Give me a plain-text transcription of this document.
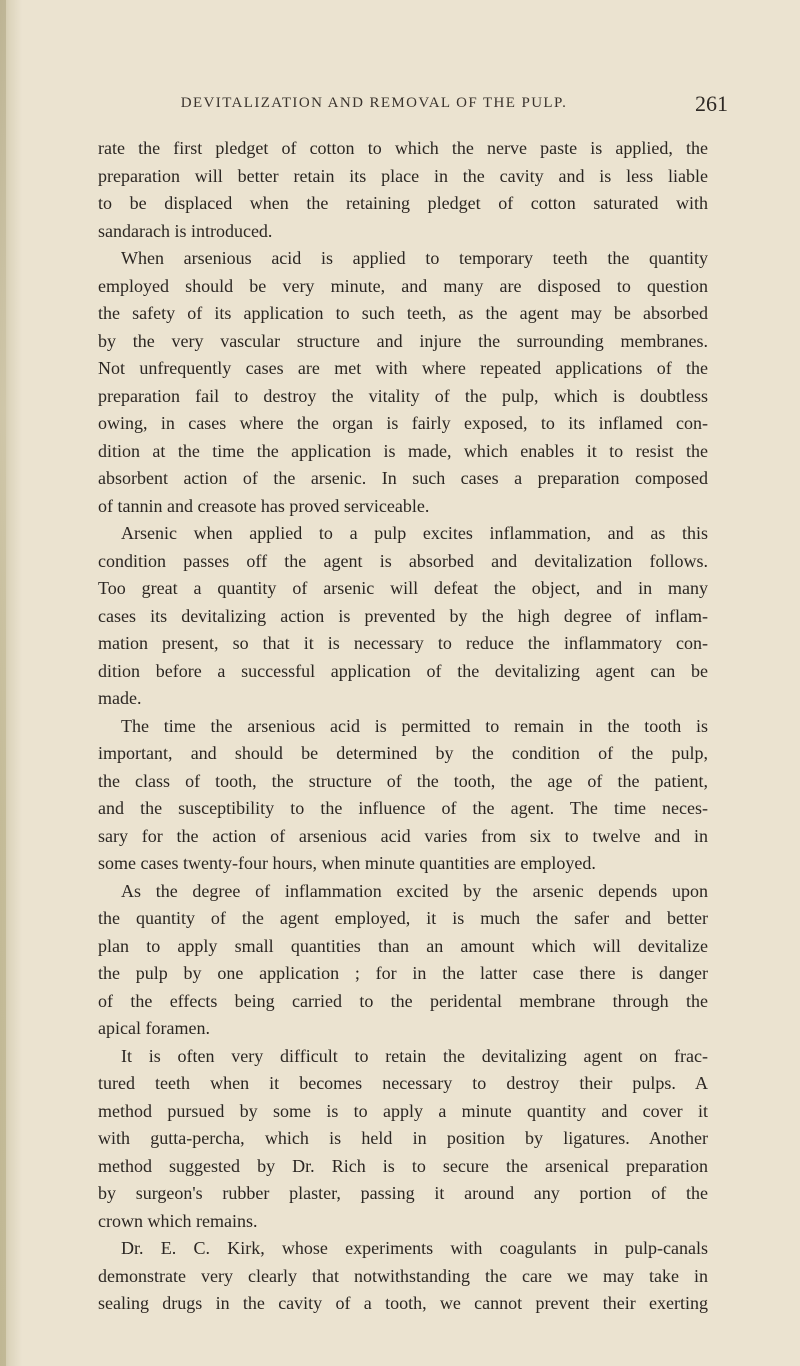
DEVITALIZATION AND REMOVAL OF THE PULP.	261
rate the first pledget of cotton to which the nerve paste is applied, the
preparation will better retain its place in the cavity and is less liable
to be displaced when the retaining pledget of cotton saturated with
sandarach is introduced.
When arsenious acid is applied to temporary teeth the quantity
employed should be very minute, and many are disposed to question
the safety of its application to such teeth, as the agent may be absorbed
by the very vascular structure and injure the surrounding membranes.
Not unfrequently cases are met with where repeated applications of the
preparation fail to destroy the vitality of the pulp, which is doubtless
owing, in cases where the organ is fairly exposed, to its inflamed con-
dition at the time the application is made, which enables it to resist the
absorbent action of the arsenic. In such cases a preparation composed
of tannin and creasote has proved serviceable.
Arsenic when applied to a pulp excites inflammation, and as this
condition passes off the agent is absorbed and devitalization follows.
Too great a quantity of arsenic will defeat the object, and in many
cases its devitalizing action is prevented by the high degree of inflam-
mation present, so that it is necessary to reduce the inflammatory con-
dition before a successful application of the devitalizing agent can be
made.
The time the arsenious acid is permitted to remain in the tooth is
important, and should be determined by the condition of the pulp,
the class of tooth, the structure of the tooth, the age of the patient,
and the susceptibility to the influence of the agent. The time neces-
sary for the action of arsenious acid varies from six to twelve and in
some cases twenty-four hours, when minute quantities are employed.
As the degree of inflammation excited by the arsenic depends upon
the quantity of the agent employed, it is much the safer and better
plan to apply small quantities than an amount which will devitalize
the pulp by one application ; for in the latter case there is danger
of the effects being carried to the peridental membrane through the
apical foramen.
It is often very difficult to retain the devitalizing agent on frac-
tured teeth when it becomes necessary to destroy their pulps. A
method pursued by some is to apply a minute quantity and cover it
with gutta-percha, which is held in position by ligatures. Another
method suggested by Dr. Rich is to secure the arsenical preparation
by surgeon's rubber plaster, passing it around any portion of the
crown which remains.
Dr. E. C. Kirk, whose experiments with coagulants in pulp-canals
demonstrate very clearly that notwithstanding the care we may take in
sealing drugs in the cavity of a tooth, we cannot prevent their exerting
